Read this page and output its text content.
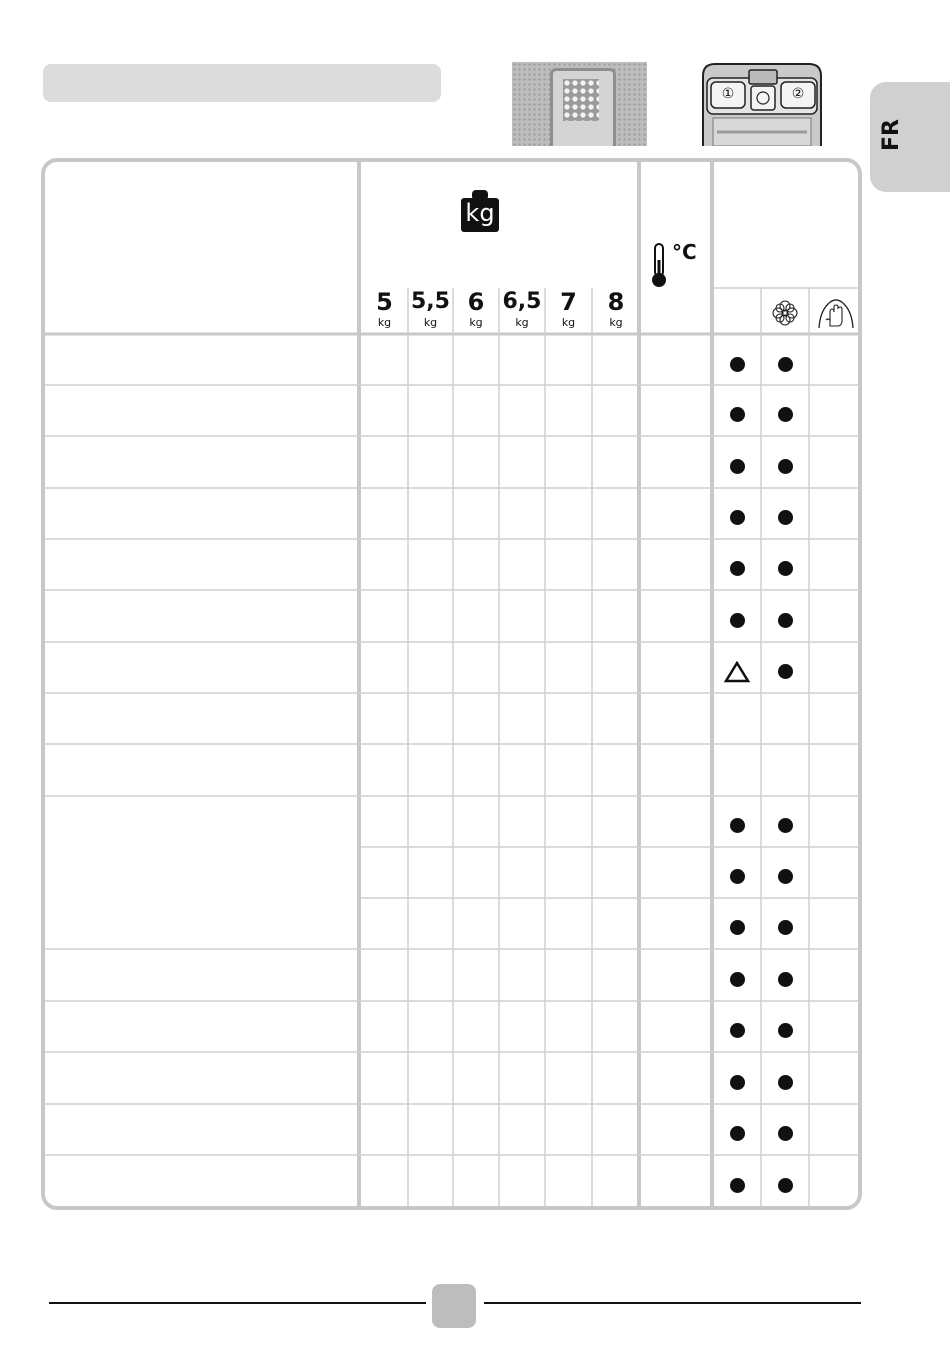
①	②
FR
kg
5
kg
5,5
kg
6
kg
6,5
kg
7
kg
8
kg
°C
